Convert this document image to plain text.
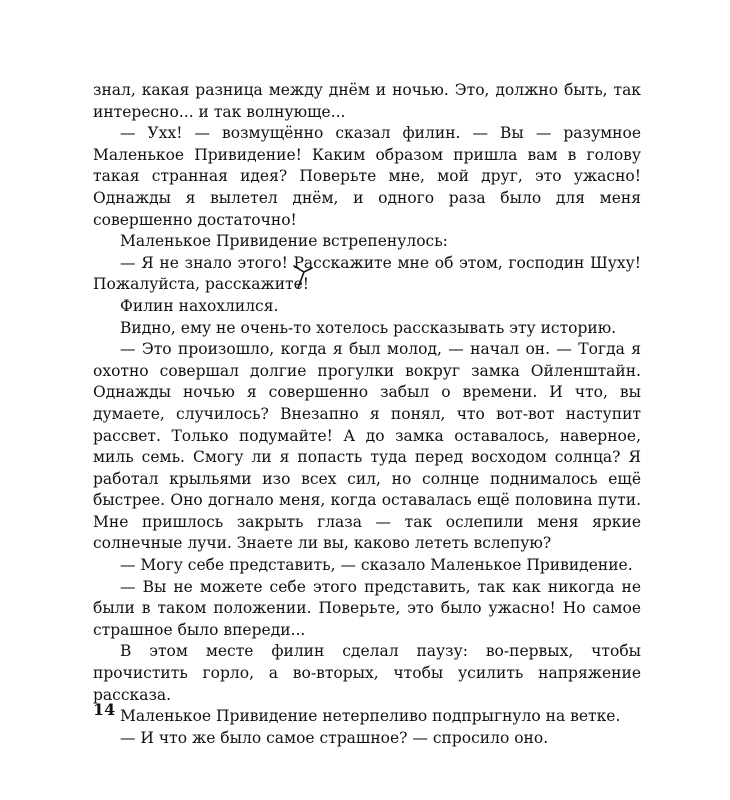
знал, какая разница между днём и ночью. Это, должно быть, так интересно... и так волнующе...

— Ухх! — возмущённо сказал филин. — Вы — разумное Маленькое Привидение! Каким образом пришла вам в голову такая странная идея? Поверьте мне, мой друг, это ужасно! Однажды я вылетел днём, и одного раза было для меня совершенно достаточно!

Маленькое Привидение встрепенулось:

— Я не знало этого! Расскажите мне об этом, господин Шуху! Пожалуйста, расскажите!

Филин нахохлился.

Видно, ему не очень-то хотелось рассказывать эту историю.

— Это произошло, когда я был молод, — начал он. — Тогда я охотно совершал долгие прогулки вокруг замка Ойленштайн. Однажды ночью я совершенно забыл о времени. И что, вы думаете, случилось? Внезапно я понял, что вот-вот наступит рассвет. Только подумайте! А до замка оставалось, наверное, миль семь. Смогу ли я попасть туда перед восходом солнца? Я работал крыльями изо всех сил, но солнце поднималось ещё быстрее. Оно догнало меня, когда оставалась ещё половина пути. Мне пришлось закрыть глаза — так ослепили меня яркие солнечные лучи. Знаете ли вы, каково лететь вслепую?

— Могу себе представить, — сказало Маленькое Привидение.

— Вы не можете себе этого представить, так как никогда не были в таком положении. Поверьте, это было ужасно! Но самое страшное было впереди...

В этом месте филин сделал паузу: во-первых, чтобы прочистить горло, а во-вторых, чтобы усилить напряжение рассказа.

Маленькое Привидение нетерпеливо подпрыгнуло на ветке.

— И что же было самое страшное? — спросило оно.

14
